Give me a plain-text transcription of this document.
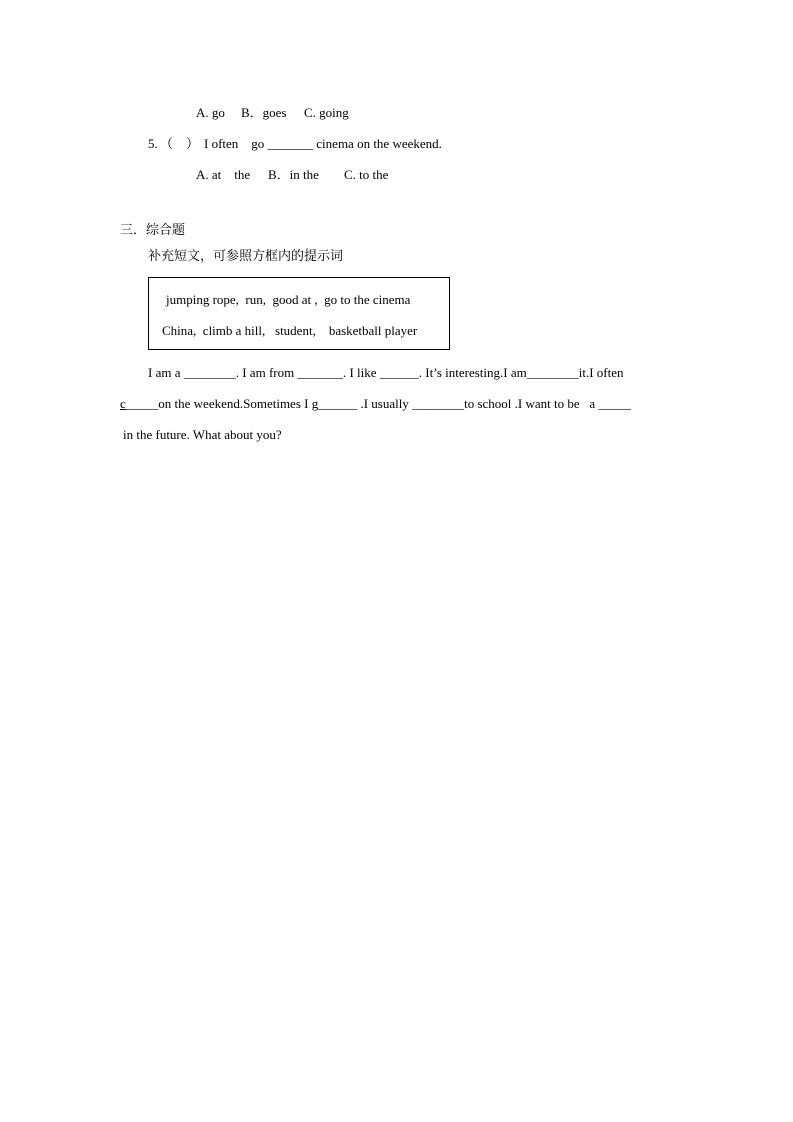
A. go B．goes C. going
5. （    ） I often    go _______ cinema on the weekend.
A. at    the B．in the C. to the
三．综合题
补充短文，可参照方框内的提示词
jumping rope,  run,  good at ,  go to the cinema
China,  climb a hill,   student,    basketball player
I am a ________. I am from _______. I like ______. It’s interesting.I am________it.I often
c_____on the weekend.Sometimes I g______ .I usually ________to school .I want to be   a _____
in the future. What about you?
